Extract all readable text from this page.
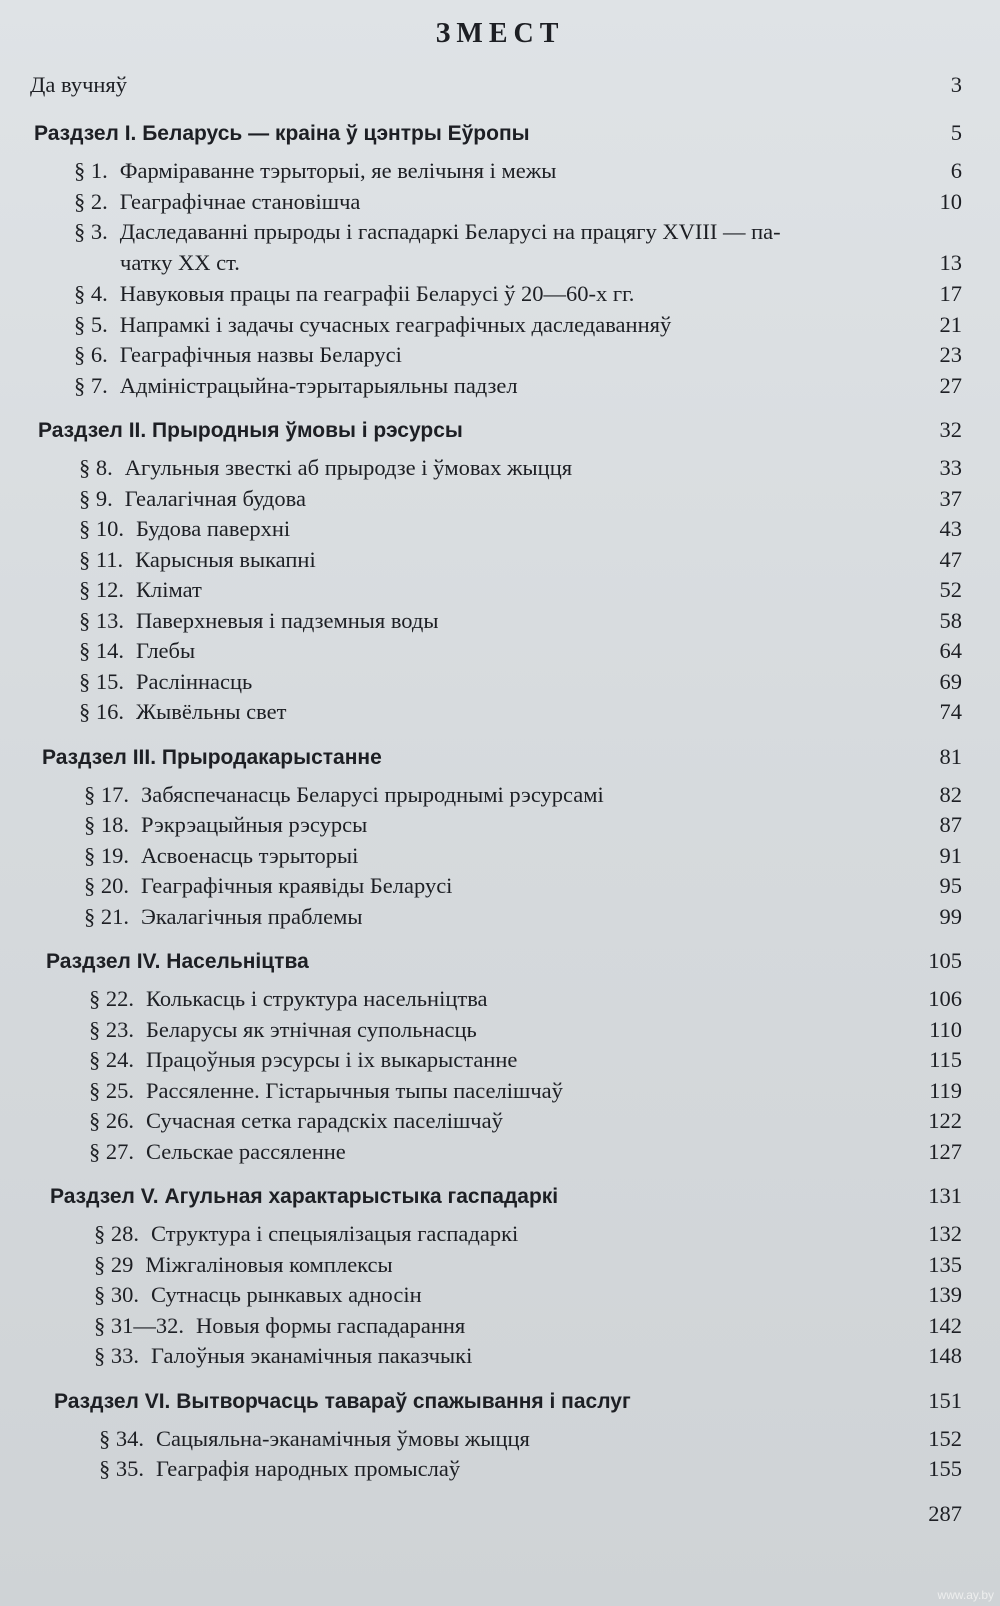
ЗМЕСТ
Да вучняў	3
Раздзел I. Беларусь — краіна ў цэнтры Еўропы	5
§ 1. Фарміраванне тэрыторыі, яе велічыня і межы	6
§ 2. Геаграфічнае становішча	10
§ 3. Даследаванні прыроды і гаспадаркі Беларусі на працягу XVIII — па-
чатку XX ст.	13
§ 4. Навуковыя працы па геаграфіі Беларусі ў 20—60-х гг.	17
§ 5. Напрамкі і задачы сучасных геаграфічных даследаванняў	21
§ 6. Геаграфічныя назвы Беларусі	23
§ 7. Адміністрацыйна-тэрытарыяльны падзел	27
Раздзел II. Прыродныя ўмовы і рэсурсы	32
§ 8. Агульныя звесткі аб прыродзе і ўмовах жыцця	33
§ 9. Геалагічная будова	37
§ 10. Будова паверхні	43
§ 11. Карысныя выкапні	47
§ 12. Клімат	52
§ 13. Паверхневыя і падземныя воды	58
§ 14. Глебы	64
§ 15. Расліннасць	69
§ 16. Жывёльны свет	74
Раздзел III. Прыродакарыстанне	81
§ 17. Забяспечанасць Беларусі прыроднымі рэсурсамі	82
§ 18. Рэкрэацыйныя рэсурсы	87
§ 19. Асвоенасць тэрыторыі	91
§ 20. Геаграфічныя краявіды Беларусі	95
§ 21. Экалагічныя праблемы	99
Раздзел IV. Насельніцтва	105
§ 22. Колькасць і структура насельніцтва	106
§ 23. Беларусы як этнічная супольнасць	110
§ 24. Працоўныя рэсурсы і іх выкарыстанне	115
§ 25. Рассяленне. Гістарычныя тыпы паселішчаў	119
§ 26. Сучасная сетка гарадскіх паселішчаў	122
§ 27. Сельскае рассяленне	127
Раздзел V. Агульная характарыстыка гаспадаркі	131
§ 28. Структура і спецыялізацыя гаспадаркі	132
§ 29 Міжгаліновыя комплексы	135
§ 30. Сутнасць рынкавых адносін	139
§ 31—32. Новыя формы гаспадарання	142
§ 33. Галоўныя эканамічныя паказчыкі	148
Раздзел VI. Вытворчасць тавараў спажывання і паслуг	151
§ 34. Сацыяльна-эканамічныя ўмовы жыцця	152
§ 35. Геаграфія народных промыслаў	155
287
www.ay.by
